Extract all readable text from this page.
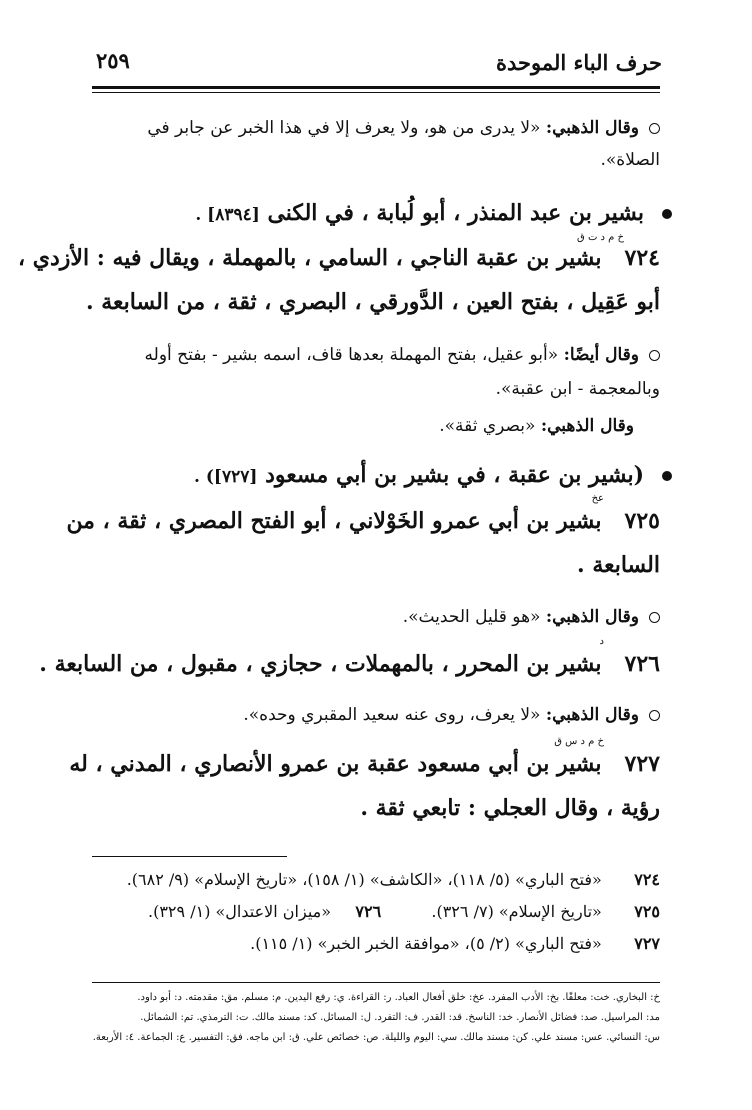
حرف الباء الموحدة
٢٥٩
وقال الذهبي: «لا يدرى من هو، ولا يعرف إلا في هذا الخبر عن جابر في
الصلاة».
بشير بن عبد المنذر ، أبو لُبابة ، في الكنى [٨٣٩٤] .
خ م د ت ق
٧٢٤   بشير بن عقبة الناجي ، السامي ، بالمهملة ، ويقال فيه : الأزدي ،
أبو عَقِيل ، بفتح العين ، الدَّورقي ، البصري ، ثقة ، من السابعة .
وقال أيضًا: «أبو عقيل، بفتح المهملة بعدها قاف، اسمه بشير - بفتح أوله
وبالمعجمة - ابن عقبة».
وقال الذهبي: «بصري ثقة».
(بشير بن عقبة ، في بشير بن أبي مسعود [٧٢٧]) .
عخ
٧٢٥   بشير بن أبي عمرو الخَوْلاني ، أبو الفتح المصري ، ثقة ، من
السابعة .
وقال الذهبي: «هو قليل الحديث».
د
٧٢٦   بشير بن المحرر ، بالمهملات ، حجازي ، مقبول ، من السابعة .
وقال الذهبي: «لا يعرف، روى عنه سعيد المقبري وحده».
خ م د س ق
٧٢٧   بشير بن أبي مسعود عقبة بن عمرو الأنصاري ، المدني ، له
رؤية ، وقال العجلي : تابعي ثقة .
٧٢٤  «فتح الباري» (٥/ ١١٨)، «الكاشف» (١/ ١٥٨)، «تاريخ الإسلام» (٩/ ٦٨٢).
٧٢٥  «تاريخ الإسلام» (٧/ ٣٢٦).  ٧٢٦  «ميزان الاعتدال» (١/ ٣٢٩).
٧٢٧  «فتح الباري» (٢/ ٥)، «موافقة الخبر الخبر» (١/ ١١٥).
خ: البخاري. خت: معلقًا. بخ: الأدب المفرد. عخ: خلق أفعال العباد. ر: القراءة. ي: رفع اليدين. م: مسلم. مق: مقدمته. د: أبو داود.
مد: المراسيل. صد: فضائل الأنصار. خد: الناسخ. قد: القدر. ف: التفرد. ل: المسائل. كد: مسند مالك. ت: الترمذي. تم: الشمائل.
س: النسائي. عس: مسند علي. كن: مسند مالك. سي: اليوم والليلة. ص: خصائص علي. ق: ابن ماجه. فق: التفسير. ع: الجماعة. ٤: الأربعة.
